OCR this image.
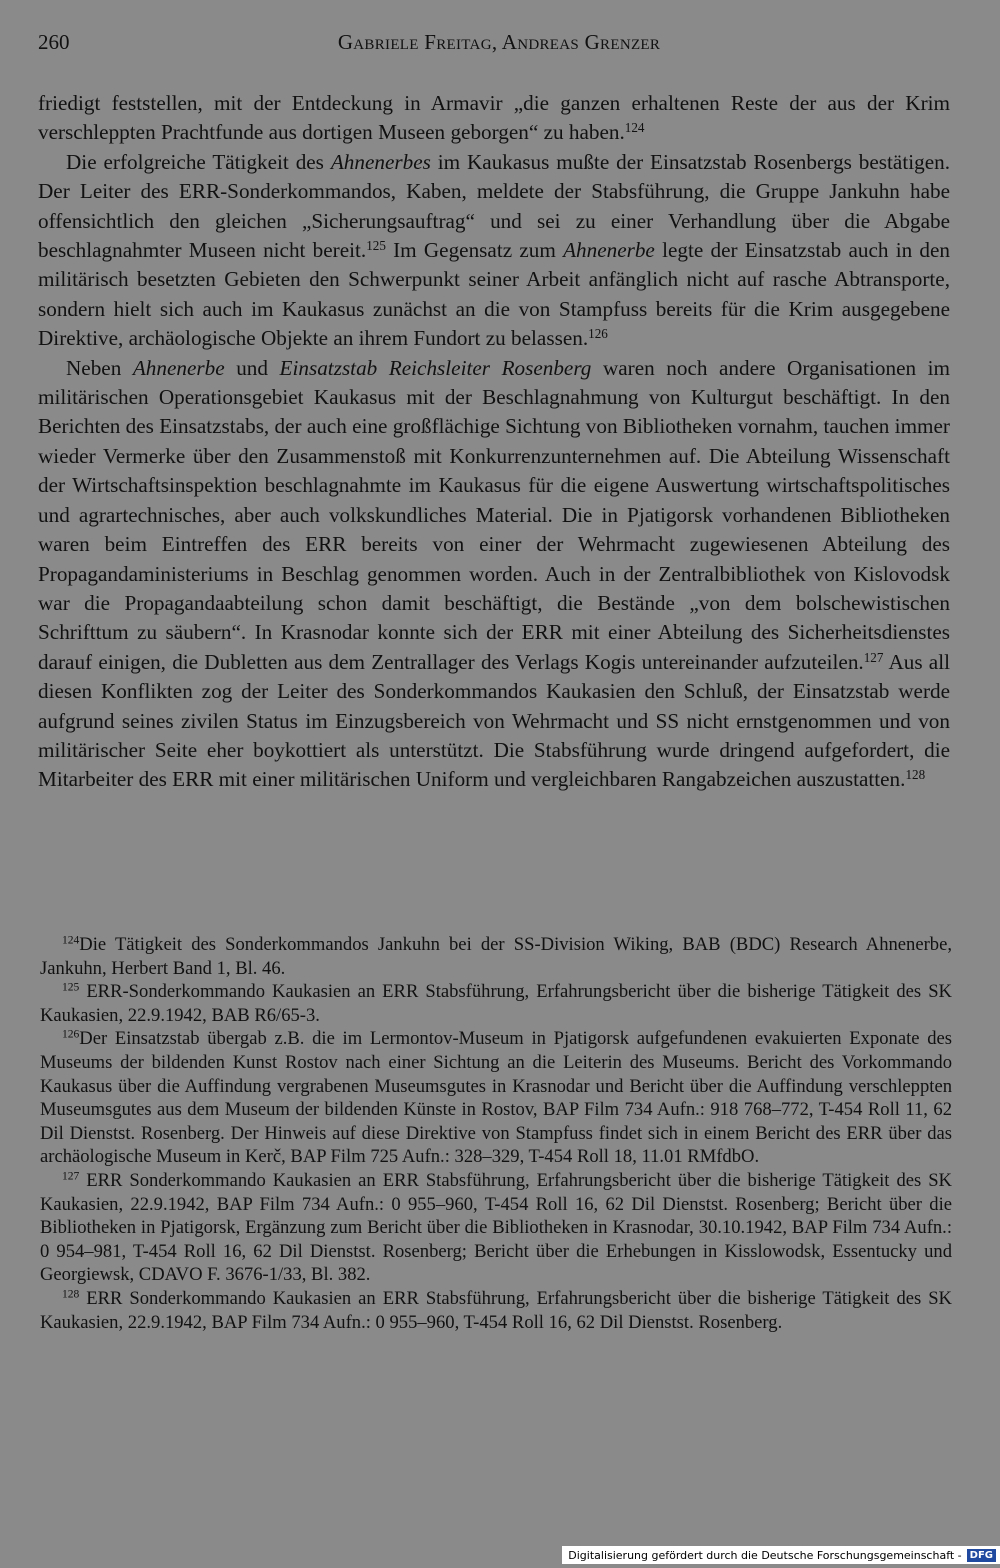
260	Gabriele Freitag, Andreas Grenzer

friedigt feststellen, mit der Entdeckung in Armavir „die ganzen erhaltenen Reste der aus der Krim verschleppten Prachtfunde aus dortigen Museen geborgen“ zu haben.$^{124}$

Die erfolgreiche Tätigkeit des Ahnenerbes im Kaukasus mußte der Einsatzstab Rosenbergs bestätigen. Der Leiter des ERR-Sonderkommandos, Kaben, meldete der Stabsführung, die Gruppe Jankuhn habe offensichtlich den gleichen „Sicherungsauftrag“ und sei zu einer Verhandlung über die Abgabe beschlagnahmter Museen nicht bereit.$^{125}$ Im Gegensatz zum Ahnenerbe legte der Einsatzstab auch in den militärisch besetzten Gebieten den Schwerpunkt seiner Arbeit anfänglich nicht auf rasche Abtransporte, sondern hielt sich auch im Kaukasus zunächst an die von Stampfuss bereits für die Krim ausgegebene Direktive, archäologische Objekte an ihrem Fundort zu belassen.$^{126}$

Neben Ahnenerbe und Einsatzstab Reichsleiter Rosenberg waren noch andere Organisationen im militärischen Operationsgebiet Kaukasus mit der Beschlagnahmung von Kulturgut beschäftigt. In den Berichten des Einsatzstabs, der auch eine großflächige Sichtung von Bibliotheken vornahm, tauchen immer wieder Vermerke über den Zusammenstoß mit Konkurrenzunternehmen auf. Die Abteilung Wissenschaft der Wirtschaftsinspektion beschlagnahmte im Kaukasus für die eigene Auswertung wirtschaftspolitisches und agrartechnisches, aber auch volkskundliches Material. Die in Pjatigorsk vorhandenen Bibliotheken waren beim Eintreffen des ERR bereits von einer der Wehrmacht zugewiesenen Abteilung des Propagandaministeriums in Beschlag genommen worden. Auch in der Zentralbibliothek von Kislovodsk war die Propagandaabteilung schon damit beschäftigt, die Bestände „von dem bolschewistischen Schrifttum zu säubern“. In Krasnodar konnte sich der ERR mit einer Abteilung des Sicherheitsdienstes darauf einigen, die Dubletten aus dem Zentrallager des Verlags Kogis untereinander aufzuteilen.$^{127}$ Aus all diesen Konflikten zog der Leiter des Sonderkommandos Kaukasien den Schluß, der Einsatzstab werde aufgrund seines zivilen Status im Einzugsbereich von Wehrmacht und SS nicht ernstgenommen und von militärischer Seite eher boykottiert als unterstützt. Die Stabsführung wurde dringend aufgefordert, die Mitarbeiter des ERR mit einer militärischen Uniform und vergleichbaren Rangabzeichen auszustatten.$^{128}$

$^{124}$Die Tätigkeit des Sonderkommandos Jankuhn bei der SS-Division Wiking, BAB (BDC) Research Ahnenerbe, Jankuhn, Herbert Band 1, Bl. 46.

$^{125}$ ERR-Sonderkommando Kaukasien an ERR Stabsführung, Erfahrungsbericht über die bisherige Tätigkeit des SK Kaukasien, 22.9.1942, BAB R6/65-3.

$^{126}$Der Einsatzstab übergab z.B. die im Lermontov-Museum in Pjatigorsk aufgefundenen evakuierten Exponate des Museums der bildenden Kunst Rostov nach einer Sichtung an die Leiterin des Museums. Bericht des Vorkommando Kaukasus über die Auffindung vergrabenen Museumsgutes in Krasnodar und Bericht über die Auffindung verschleppten Museumsgutes aus dem Museum der bildenden Künste in Rostov, BAP Film 734 Aufn.: 918 768–772, T-454 Roll 11, 62 Dil Dienstst. Rosenberg. Der Hinweis auf diese Direktive von Stampfuss findet sich in einem Bericht des ERR über das archäologische Museum in Kerč, BAP Film 725 Aufn.: 328–329, T-454 Roll 18, 11.01 RMfdbO.

$^{127}$ ERR Sonderkommando Kaukasien an ERR Stabsführung, Erfahrungsbericht über die bisherige Tätigkeit des SK Kaukasien, 22.9.1942, BAP Film 734 Aufn.: 0 955–960, T-454 Roll 16, 62 Dil Dienstst. Rosenberg; Bericht über die Bibliotheken in Pjatigorsk, Ergänzung zum Bericht über die Bibliotheken in Krasnodar, 30.10.1942, BAP Film 734 Aufn.: 0 954–981, T-454 Roll 16, 62 Dil Dienstst. Rosenberg; Bericht über die Erhebungen in Kisslowodsk, Essentucky und Georgiewsk, CDAVO F. 3676-1/33, Bl. 382.

$^{128}$ ERR Sonderkommando Kaukasien an ERR Stabsführung, Erfahrungsbericht über die bisherige Tätigkeit des SK Kaukasien, 22.9.1942, BAP Film 734 Aufn.: 0 955–960, T-454 Roll 16, 62 Dil Dienstst. Rosenberg.

Digitalisierung gefördert durch die Deutsche Forschungsgemeinschaft - DFG
